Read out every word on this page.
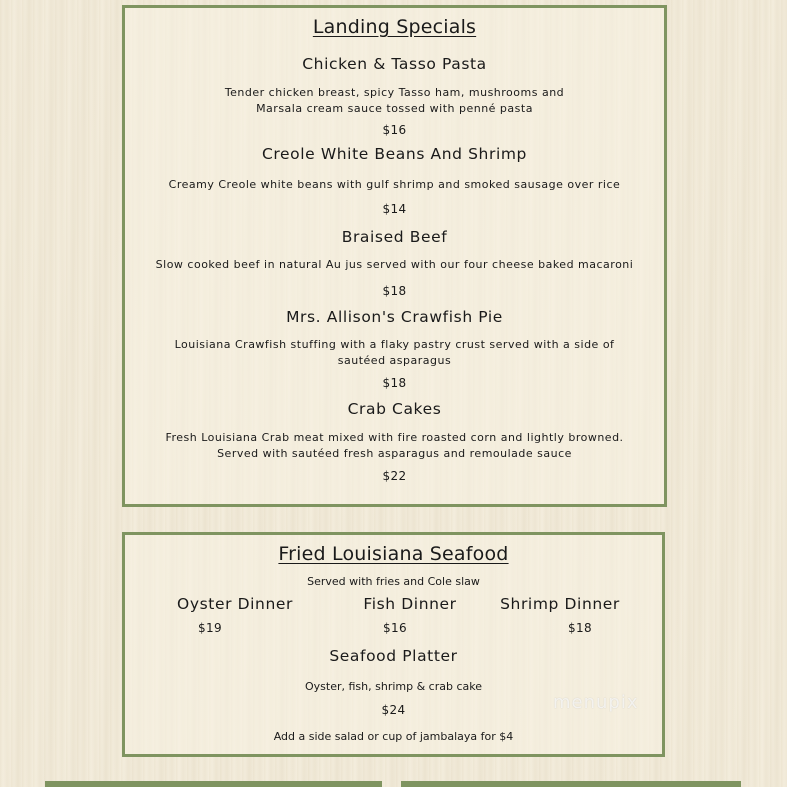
Landing Specials
Chicken & Tasso Pasta
Tender chicken breast, spicy Tasso ham, mushrooms and
Marsala cream sauce tossed with penné pasta
$16
Creole White Beans And Shrimp
Creamy Creole white beans with gulf shrimp and smoked sausage over rice
$14
Braised Beef
Slow cooked beef in natural Au jus served with our four cheese baked macaroni
$18
Mrs. Allison's Crawfish Pie
Louisiana Crawfish stuffing with a flaky pastry crust served with a side of
sautéed asparagus
$18
Crab Cakes
Fresh Louisiana Crab meat mixed with fire roasted corn and lightly browned.
Served with sautéed fresh asparagus and remoulade sauce
$22
Fried Louisiana Seafood
Served with fries and Cole slaw
Oyster Dinner
$19
Fish Dinner
$16
Shrimp Dinner
$18
Seafood Platter
Oyster, fish, shrimp & crab cake
$24
Add a side salad or cup of jambalaya for $4
menupix
